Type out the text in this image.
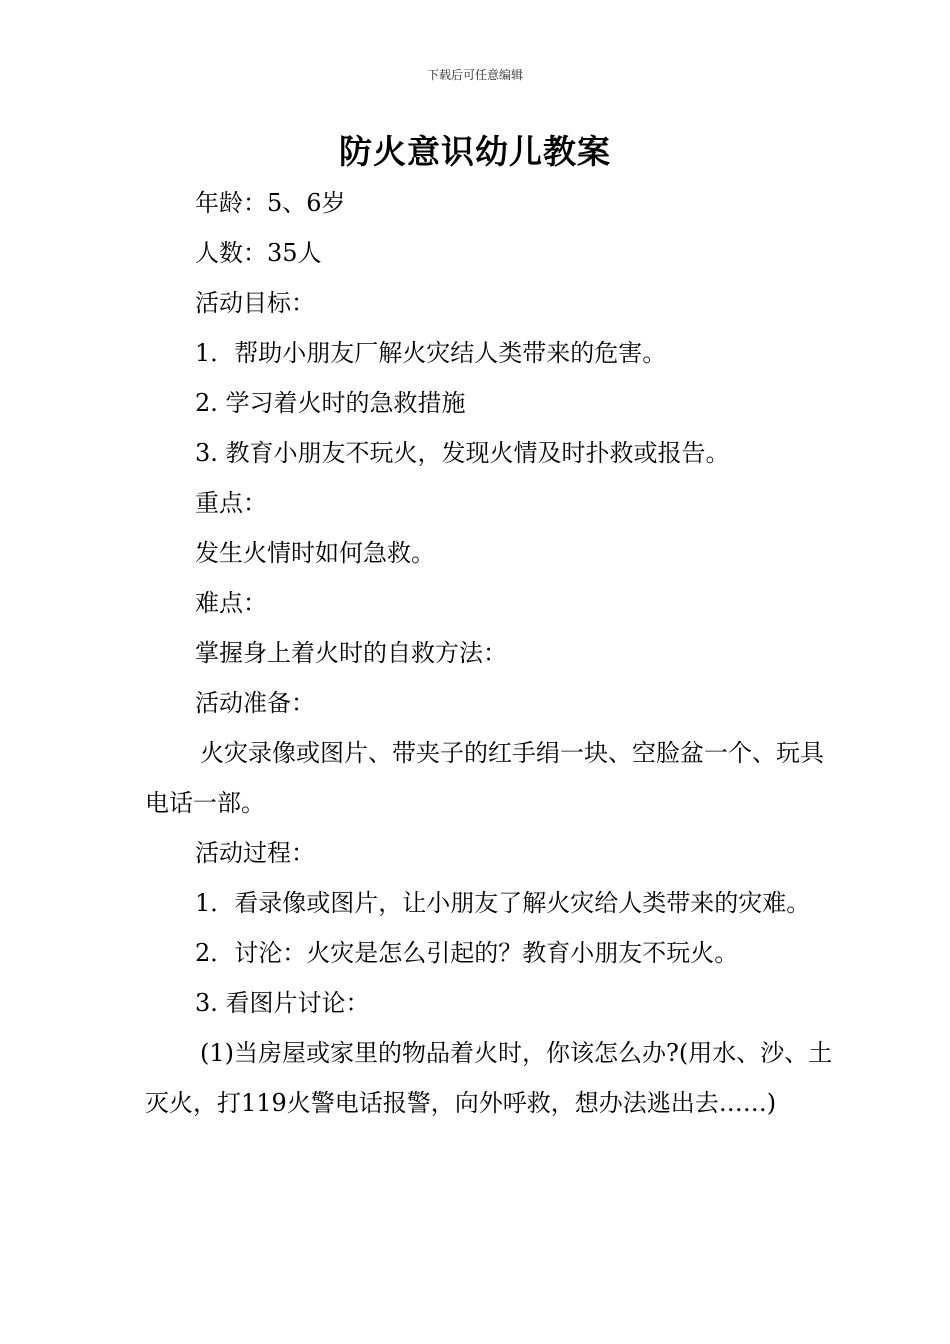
下载后可任意编辑
防火意识幼儿教案

年龄：5、6岁

人数：35人

活动目标：

1．帮助小朋友厂解火灾结人类带来的危害。

2. 学习着火时的急救措施

3. 教育小朋友不玩火，发现火情及时扑救或报告。

重点：

发生火情时如何急救。

难点：

掌握身上着火时的自救方法：

活动准备：

火灾录像或图片、带夹子的红手绢一块、空脸盆一个、玩具电话一部。

活动过程：

1．看录像或图片，让小朋友了解火灾给人类带来的灾难。

2．讨沦：火灾是怎么引起的？教育小朋友不玩火。

3. 看图片讨论：

(1)当房屋或家里的物品着火时，你该怎么办?(用水、沙、土灭火，打119火警电话报警，向外呼救，想办法逃出去……)
